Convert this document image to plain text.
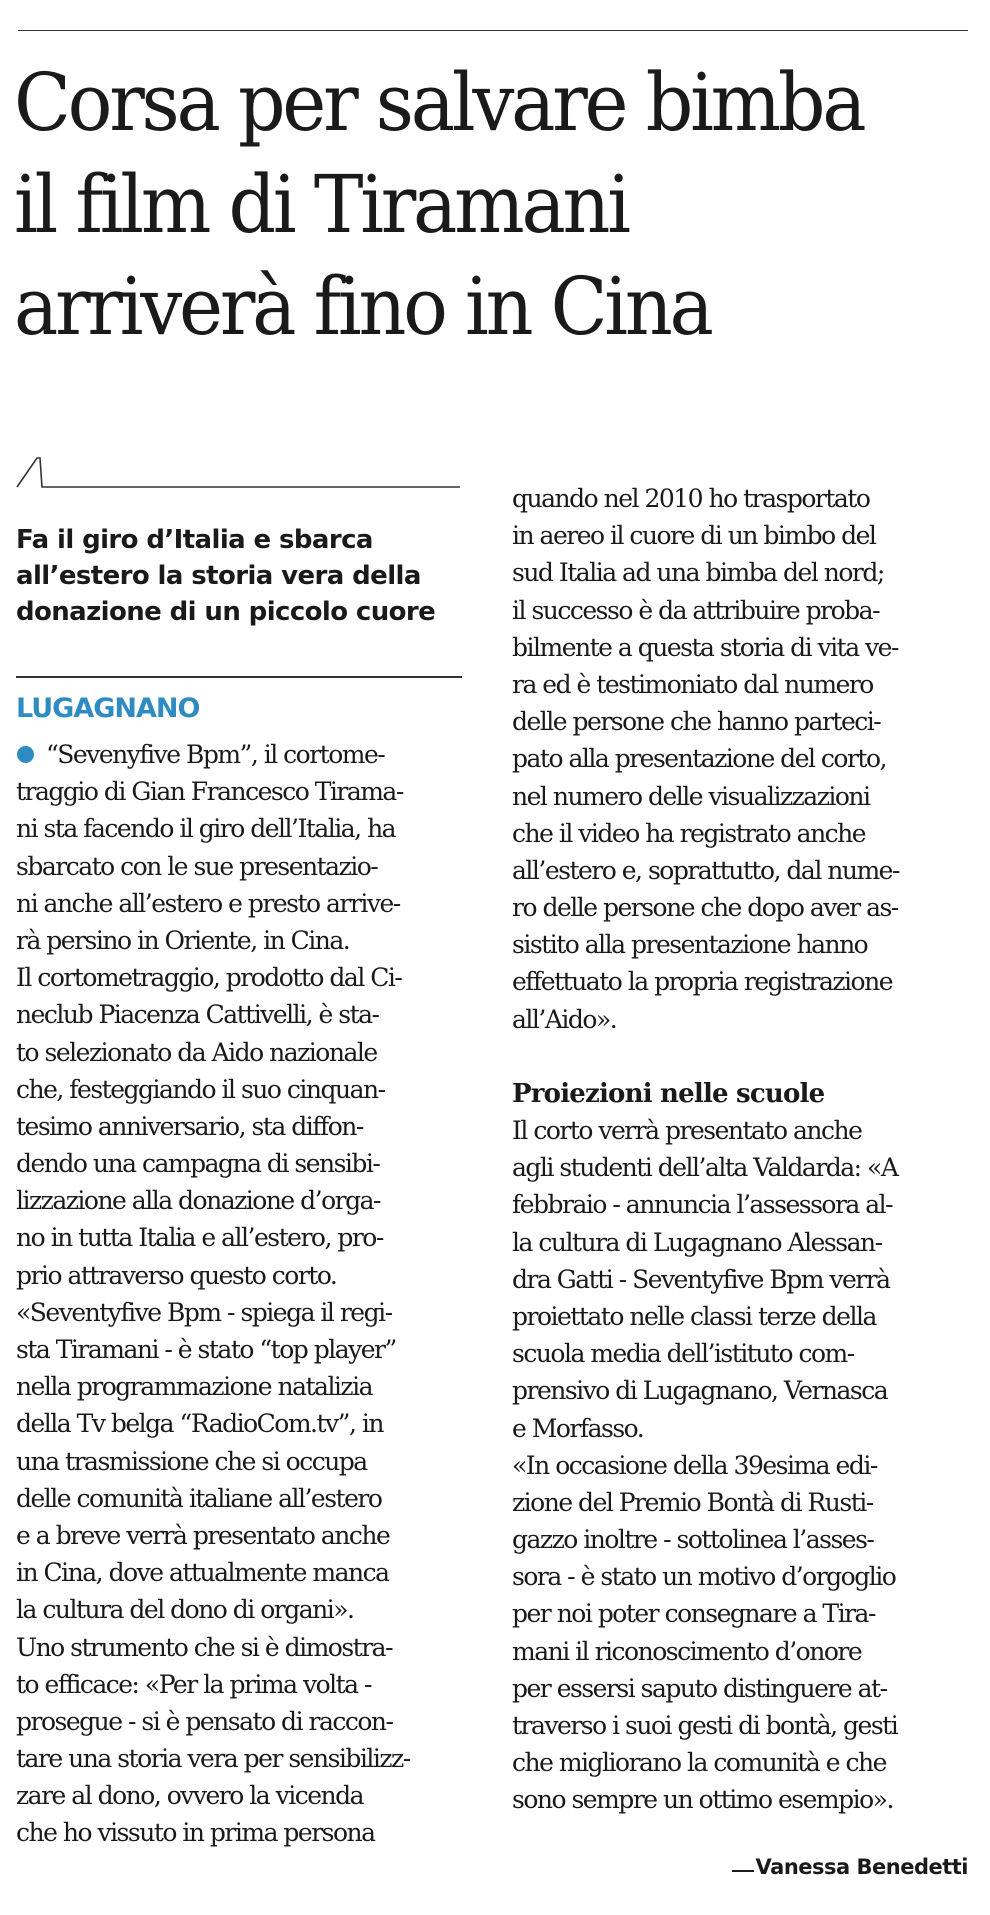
Corsa per salvare bimba
il film di Tiramani
arriverà fino in Cina
Fa il giro d’Italia e sbarca
all’estero la storia vera della
donazione di un piccolo cuore
LUGAGNANO
“Sevenyfive Bpm”, il cortome-
traggio di Gian Francesco Tirama-
ni sta facendo il giro dell’Italia, ha
sbarcato con le sue presentazio-
ni anche all’estero e presto arrive-
rà persino in Oriente, in Cina.
Il cortometraggio, prodotto dal Ci-
neclub Piacenza Cattivelli, è sta-
to selezionato da Aido nazionale
che, festeggiando il suo cinquan-
tesimo anniversario, sta diffon-
dendo una campagna di sensibi-
lizzazione alla donazione d’orga-
no in tutta Italia e all’estero, pro-
prio attraverso questo corto.
«Seventyfive Bpm - spiega il regi-
sta Tiramani - è stato “top player”
nella programmazione natalizia
della Tv belga “RadioCom.tv”, in
una trasmissione che si occupa
delle comunità italiane all’estero
e a breve verrà presentato anche
in Cina, dove attualmente manca
la cultura del dono di organi».
Uno strumento che si è dimostra-
to efficace: «Per la prima volta -
prosegue - si è pensato di raccon-
tare una storia vera per sensibilizz-
zare al dono, ovvero la vicenda
che ho vissuto in prima persona
quando nel 2010 ho trasportato
in aereo il cuore di un bimbo del
sud Italia ad una bimba del nord;
il successo è da attribuire proba-
bilmente a questa storia di vita ve-
ra ed è testimoniato dal numero
delle persone che hanno parteci-
pato alla presentazione del corto,
nel numero delle visualizzazioni
che il video ha registrato anche
all’estero e, soprattutto, dal nume-
ro delle persone che dopo aver as-
sistito alla presentazione hanno
effettuato la propria registrazione
all’Aido».
Proiezioni nelle scuole
Il corto verrà presentato anche
agli studenti dell’alta Valdarda: «A
febbraio - annuncia l’assessora al-
la cultura di Lugagnano Alessan-
dra Gatti - Seventyfive Bpm verrà
proiettato nelle classi terze della
scuola media dell’istituto com-
prensivo di Lugagnano, Vernasca
e Morfasso.
«In occasione della 39esima edi-
zione del Premio Bontà di Rusti-
gazzo inoltre - sottolinea l’asses-
sora - è stato un motivo d’orgoglio
per noi poter consegnare a Tira-
mani il riconoscimento d’onore
per essersi saputo distinguere at-
traverso i suoi gesti di bontà, gesti
che migliorano la comunità e che
sono sempre un ottimo esempio».
Vanessa Benedetti
